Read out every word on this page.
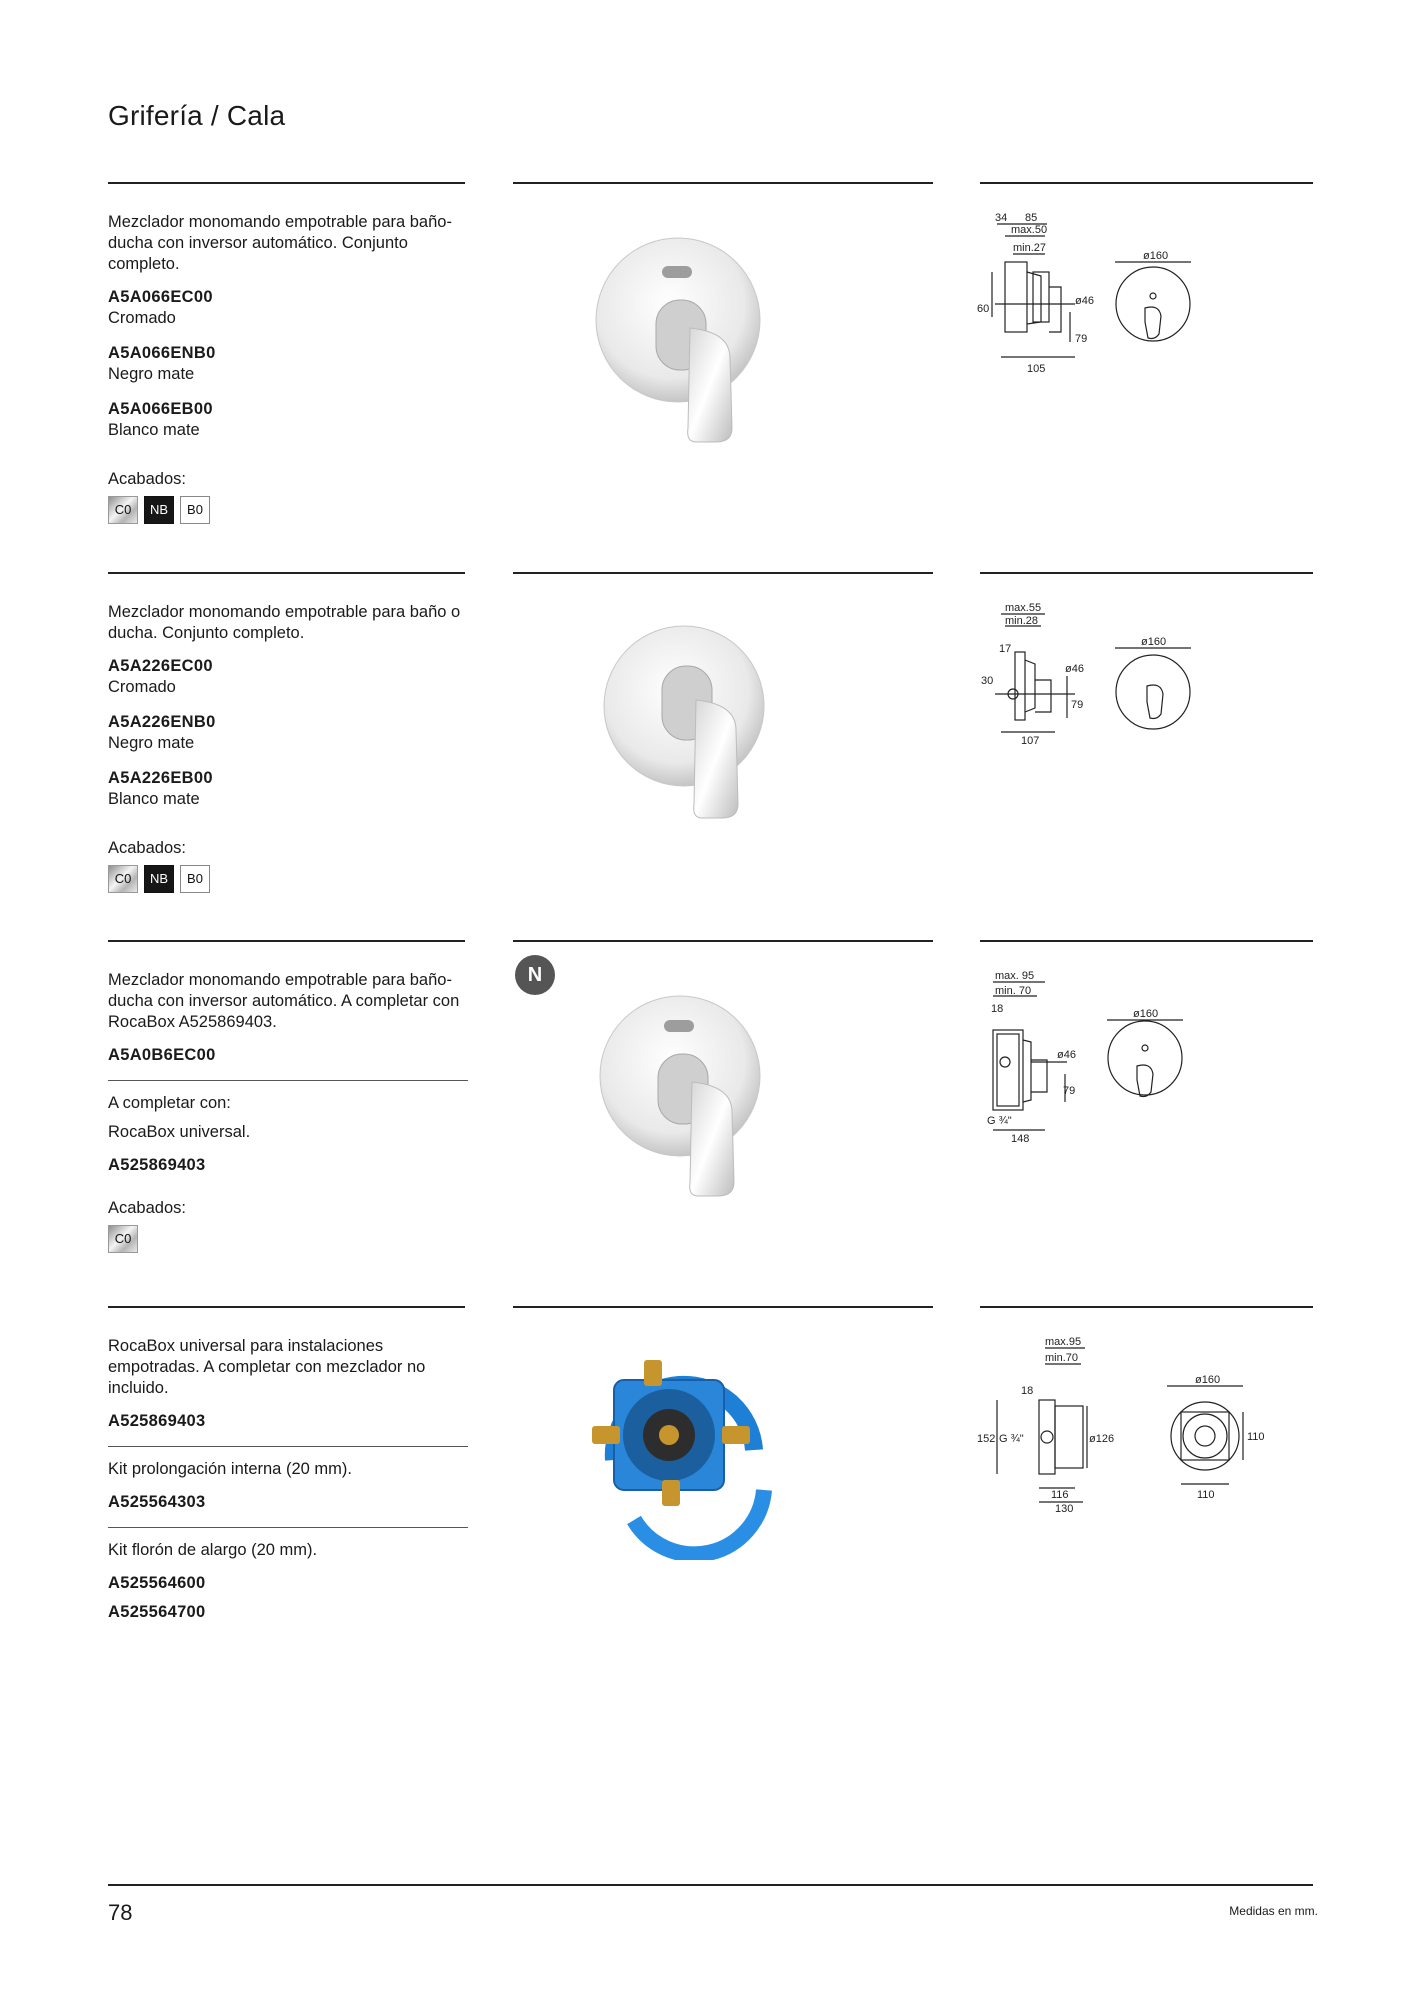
Grifería / Cala

Mezclador monomando empotrable para baño-ducha con inversor automático. Conjunto completo.

A5A066EC00

Cromado

A5A066ENB0

Negro mate

A5A066EB00

Blanco mate

Acabados:
C0	NB	B0
34 85
max.50
min.27
60
ø46
79
105
ø160

Mezclador monomando empotrable para baño o ducha. Conjunto completo.

A5A226EC00

Cromado

A5A226ENB0

Negro mate

A5A226EB00

Blanco mate

Acabados:
C0	NB	B0
max.55
min.28
17
30
ø46
79
107
ø160

Mezclador monomando empotrable para baño-ducha con inversor automático. A completar con RocaBox A525869403.

A5A0B6EC00

A completar con:

RocaBox universal.

A525869403

Acabados:
C0
N	max. 95
min. 70
18
ø46
79
G ¾"
148
ø160

RocaBox universal para instalaciones empotradas. A completar con mezclador no incluido.

A525869403

Kit prolongación interna (20 mm).

A525564303

Kit florón de alargo (20 mm).

A525564600

A525564700

max.95
min.70
18
152 G ¾"	ø126
116
130
ø160
110
110
78	Medidas en mm.
